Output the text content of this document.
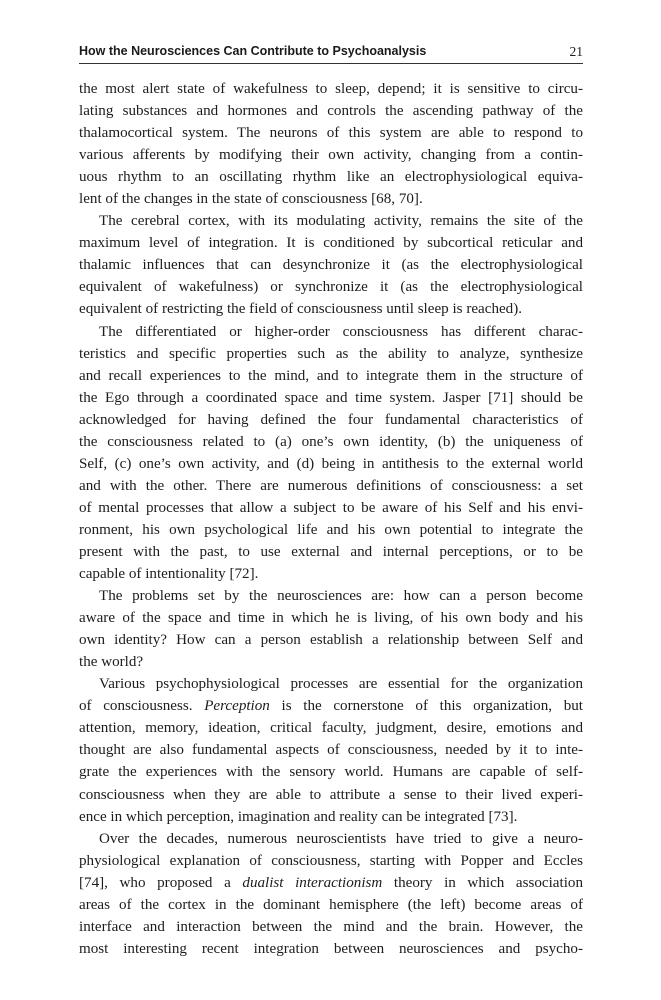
How the Neurosciences Can Contribute to Psychoanalysis	21
the most alert state of wakefulness to sleep, depend; it is sensitive to circu-
lating substances and hormones and controls the ascending pathway of the
thalamocortical system. The neurons of this system are able to respond to
various afferents by modifying their own activity, changing from a contin-
uous rhythm to an oscillating rhythm like an electrophysiological equiva-
lent of the changes in the state of consciousness [68, 70].
The cerebral cortex, with its modulating activity, remains the site of the
maximum level of integration. It is conditioned by subcortical reticular and
thalamic influences that can desynchronize it (as the electrophysiological
equivalent of wakefulness) or synchronize it (as the electrophysiological
equivalent of restricting the field of consciousness until sleep is reached).
The differentiated or higher-order consciousness has different charac-
teristics and specific properties such as the ability to analyze, synthesize
and recall experiences to the mind, and to integrate them in the structure of
the Ego through a coordinated space and time system. Jasper [71] should be
acknowledged for having defined the four fundamental characteristics of
the consciousness related to (a) one’s own identity, (b) the uniqueness of
Self, (c) one’s own activity, and (d) being in antithesis to the external world
and with the other. There are numerous definitions of consciousness: a set
of mental processes that allow a subject to be aware of his Self and his envi-
ronment, his own psychological life and his own potential to integrate the
present with the past, to use external and internal perceptions, or to be
capable of intentionality [72].
The problems set by the neurosciences are: how can a person become
aware of the space and time in which he is living, of his own body and his
own identity? How can a person establish a relationship between Self and
the world?
Various psychophysiological processes are essential for the organization
of consciousness. Perception is the cornerstone of this organization, but
attention, memory, ideation, critical faculty, judgment, desire, emotions and
thought are also fundamental aspects of consciousness, needed by it to inte-
grate the experiences with the sensory world. Humans are capable of self-
consciousness when they are able to attribute a sense to their lived experi-
ence in which perception, imagination and reality can be integrated [73].
Over the decades, numerous neuroscientists have tried to give a neuro-
physiological explanation of consciousness, starting with Popper and Eccles
[74], who proposed a dualist interactionism theory in which association
areas of the cortex in the dominant hemisphere (the left) become areas of
interface and interaction between the mind and the brain. However, the
most interesting recent integration between neurosciences and psycho-
